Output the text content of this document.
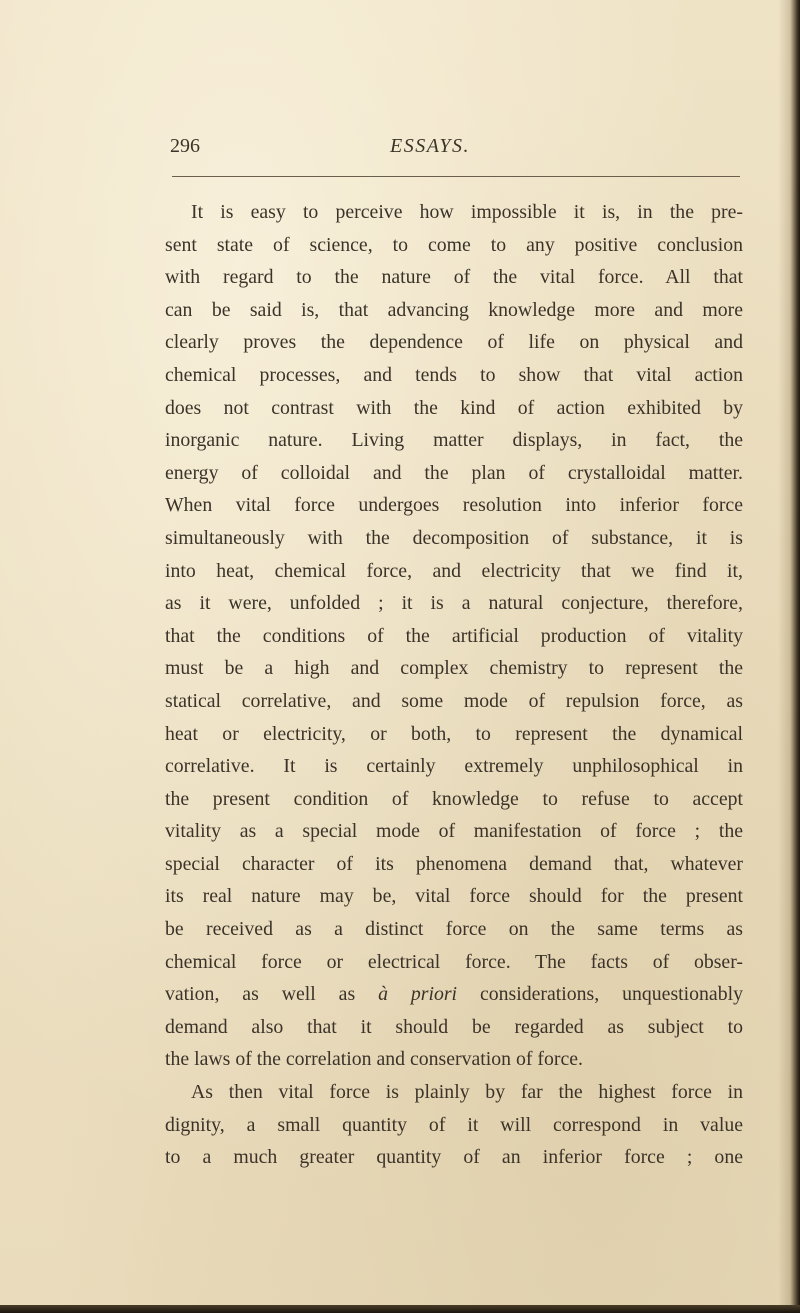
296	ESSAYS.
It is easy to perceive how impossible it is, in the pre-
sent state of science, to come to any positive conclusion
with regard to the nature of the vital force. All that
can be said is, that advancing knowledge more and more
clearly proves the dependence of life on physical and
chemical processes, and tends to show that vital action
does not contrast with the kind of action exhibited by
inorganic nature. Living matter displays, in fact, the
energy of colloidal and the plan of crystalloidal matter.
When vital force undergoes resolution into inferior force
simultaneously with the decomposition of substance, it is
into heat, chemical force, and electricity that we find it,
as it were, unfolded ; it is a natural conjecture, therefore,
that the conditions of the artificial production of vitality
must be a high and complex chemistry to represent the
statical correlative, and some mode of repulsion force, as
heat or electricity, or both, to represent the dynamical
correlative. It is certainly extremely unphilosophical in
the present condition of knowledge to refuse to accept
vitality as a special mode of manifestation of force ; the
special character of its phenomena demand that, whatever
its real nature may be, vital force should for the present
be received as a distinct force on the same terms as
chemical force or electrical force. The facts of obser-
vation, as well as à priori considerations, unquestionably
demand also that it should be regarded as subject to
the laws of the correlation and conservation of force.
As then vital force is plainly by far the highest force in
dignity, a small quantity of it will correspond in value
to a much greater quantity of an inferior force ; one
